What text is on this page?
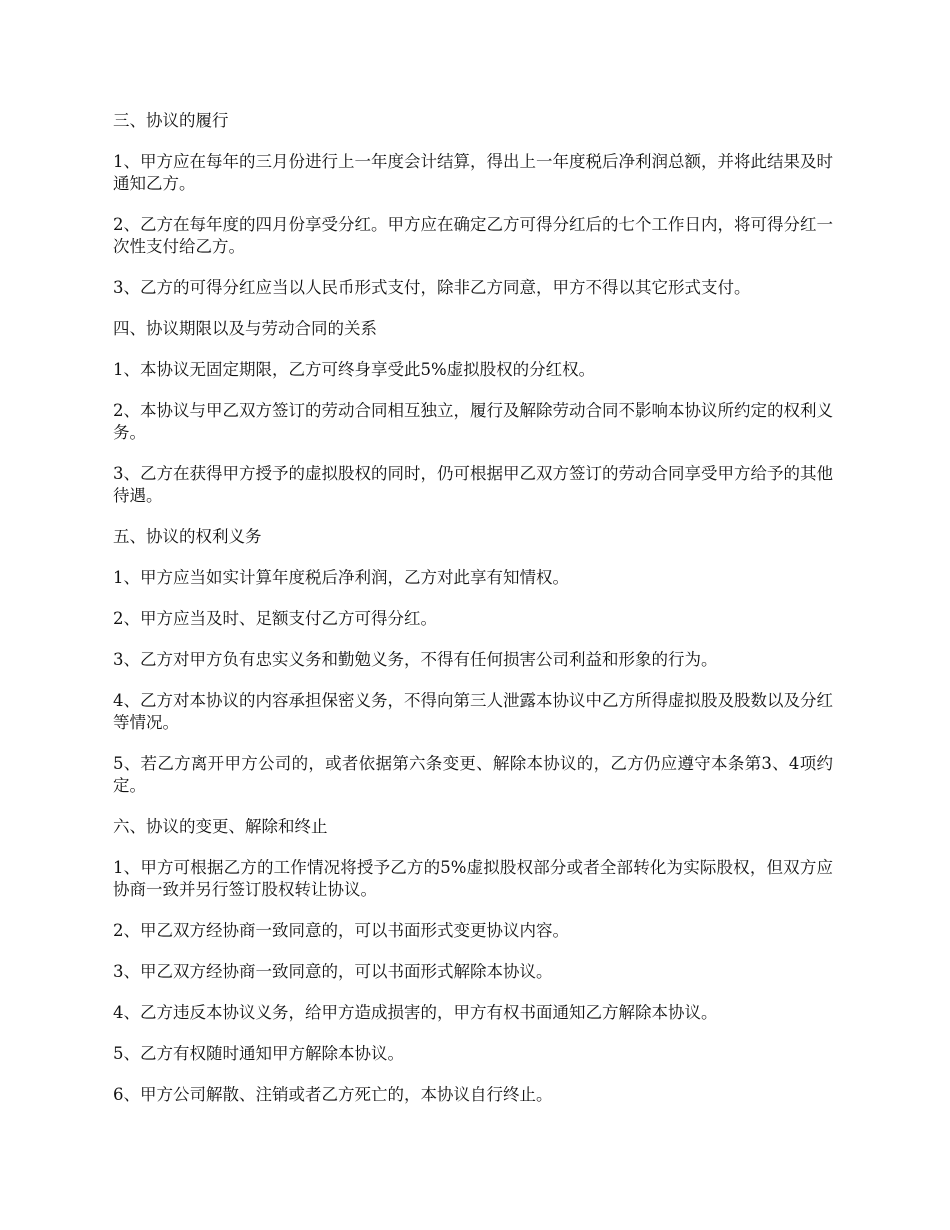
三、协议的履行

1、甲方应在每年的三月份进行上一年度会计结算，得出上一年度税后净利润总额，并将此结果及时通知乙方。

2、乙方在每年度的四月份享受分红。甲方应在确定乙方可得分红后的七个工作日内，将可得分红一次性支付给乙方。

3、乙方的可得分红应当以人民币形式支付，除非乙方同意，甲方不得以其它形式支付。

四、协议期限以及与劳动合同的关系

1、本协议无固定期限，乙方可终身享受此5%虚拟股权的分红权。

2、本协议与甲乙双方签订的劳动合同相互独立，履行及解除劳动合同不影响本协议所约定的权利义务。

3、乙方在获得甲方授予的虚拟股权的同时，仍可根据甲乙双方签订的劳动合同享受甲方给予的其他待遇。

五、协议的权利义务

1、甲方应当如实计算年度税后净利润，乙方对此享有知情权。

2、甲方应当及时、足额支付乙方可得分红。

3、乙方对甲方负有忠实义务和勤勉义务，不得有任何损害公司利益和形象的行为。

4、乙方对本协议的内容承担保密义务，不得向第三人泄露本协议中乙方所得虚拟股及股数以及分红等情况。

5、若乙方离开甲方公司的，或者依据第六条变更、解除本协议的，乙方仍应遵守本条第3、4项约定。

六、协议的变更、解除和终止

1、甲方可根据乙方的工作情况将授予乙方的5%虚拟股权部分或者全部转化为实际股权，但双方应协商一致并另行签订股权转让协议。

2、甲乙双方经协商一致同意的，可以书面形式变更协议内容。

3、甲乙双方经协商一致同意的，可以书面形式解除本协议。

4、乙方违反本协议义务，给甲方造成损害的，甲方有权书面通知乙方解除本协议。

5、乙方有权随时通知甲方解除本协议。

6、甲方公司解散、注销或者乙方死亡的，本协议自行终止。
